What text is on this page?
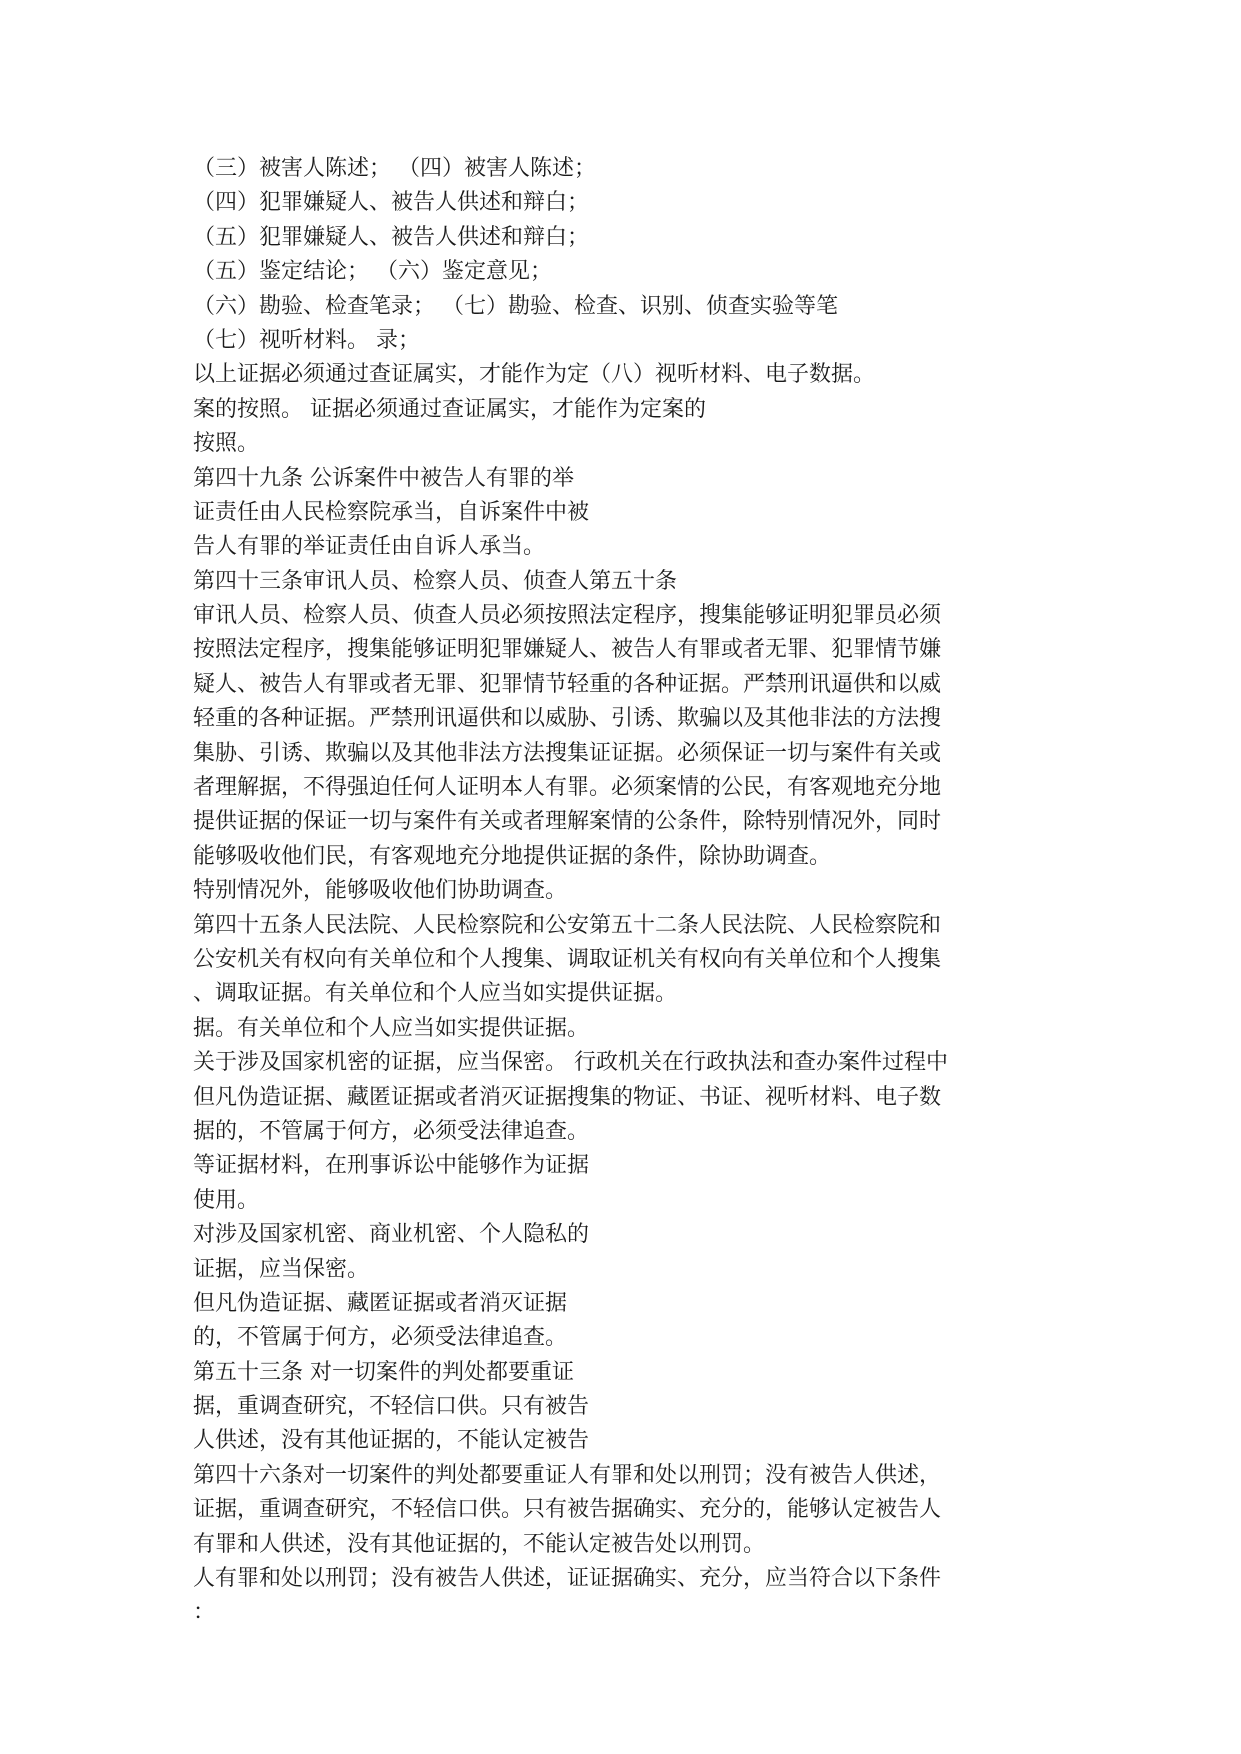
（三）被害人陈述； （四）被害人陈述；
（四）犯罪嫌疑人、被告人供述和辩白；
（五）犯罪嫌疑人、被告人供述和辩白；
（五）鉴定结论； （六）鉴定意见；
（六）勘验、检查笔录； （七）勘验、检查、识别、侦查实验等笔
（七）视听材料。 录；
以上证据必须通过查证属实，才能作为定（八）视听材料、电子数据。
案的按照。 证据必须通过查证属实，才能作为定案的
按照。
第四十九条 公诉案件中被告人有罪的举
证责任由人民检察院承当，自诉案件中被
告人有罪的举证责任由自诉人承当。
第四十三条审讯人员、检察人员、侦查人第五十条
审讯人员、检察人员、侦查人员必须按照法定程序，搜集能够证明犯罪员必须
按照法定程序，搜集能够证明犯罪嫌疑人、被告人有罪或者无罪、犯罪情节嫌
疑人、被告人有罪或者无罪、犯罪情节轻重的各种证据。严禁刑讯逼供和以威
轻重的各种证据。严禁刑讯逼供和以威胁、引诱、欺骗以及其他非法的方法搜
集胁、引诱、欺骗以及其他非法方法搜集证证据。必须保证一切与案件有关或
者理解据，不得强迫任何人证明本人有罪。必须案情的公民，有客观地充分地
提供证据的保证一切与案件有关或者理解案情的公条件，除特别情况外，同时
能够吸收他们民，有客观地充分地提供证据的条件，除协助调查。
特别情况外，能够吸收他们协助调查。
第四十五条人民法院、人民检察院和公安第五十二条人民法院、人民检察院和
公安机关有权向有关单位和个人搜集、调取证机关有权向有关单位和个人搜集
、调取证据。有关单位和个人应当如实提供证据。
据。有关单位和个人应当如实提供证据。
关于涉及国家机密的证据，应当保密。 行政机关在行政执法和查办案件过程中
但凡伪造证据、藏匿证据或者消灭证据搜集的物证、书证、视听材料、电子数
据的，不管属于何方，必须受法律追查。
等证据材料，在刑事诉讼中能够作为证据
使用。
对涉及国家机密、商业机密、个人隐私的
证据，应当保密。
但凡伪造证据、藏匿证据或者消灭证据
的，不管属于何方，必须受法律追查。
第五十三条 对一切案件的判处都要重证
据，重调查研究，不轻信口供。只有被告
人供述，没有其他证据的，不能认定被告
第四十六条对一切案件的判处都要重证人有罪和处以刑罚；没有被告人供述，
证据，重调查研究，不轻信口供。只有被告据确实、充分的，能够认定被告人
有罪和人供述，没有其他证据的，不能认定被告处以刑罚。
人有罪和处以刑罚；没有被告人供述，证证据确实、充分，应当符合以下条件
：
